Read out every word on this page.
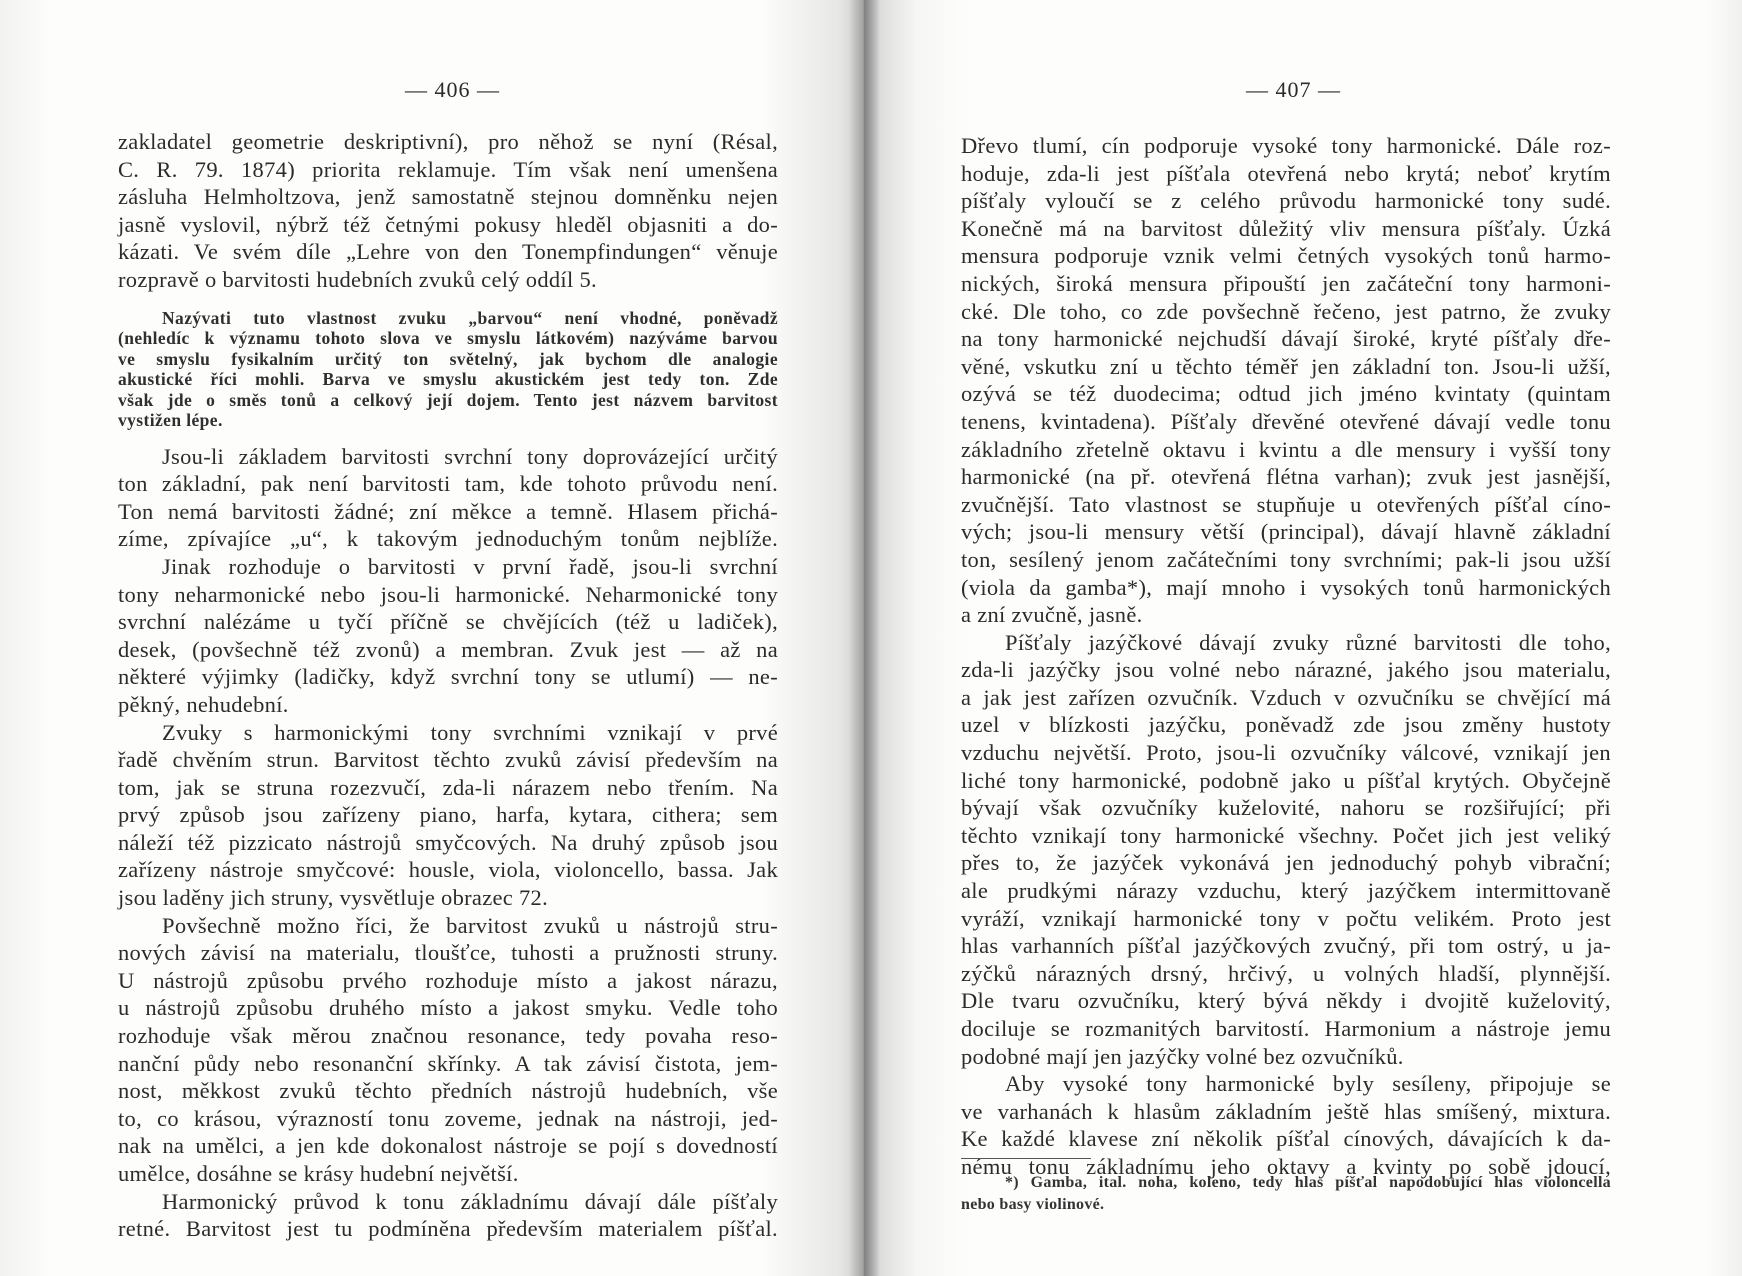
— 406 —
zakladatel geometrie deskriptivní), pro něhož se nyní (Résal,
C. R. 79. 1874) priorita reklamuje. Tím však není umenšena
zásluha Helmholtzova, jenž samostatně stejnou domněnku nejen
jasně vyslovil, nýbrž též četnými pokusy hleděl objasniti a do-
kázati. Ve svém díle „Lehre von den Tonempfindungen“ věnuje
rozpravě o barvitosti hudebních zvuků celý oddíl 5.
Nazývati tuto vlastnost zvuku „barvou“ není vhodné, poněvadž
(nehledíc k významu tohoto slova ve smyslu látkovém) nazýváme barvou
ve smyslu fysikalním určitý ton světelný, jak bychom dle analogie
akustické říci mohli. Barva ve smyslu akustickém jest tedy ton. Zde
však jde o směs tonů a celkový její dojem. Tento jest názvem barvitost
vystižen lépe.
Jsou-li základem barvitosti svrchní tony doprovázející určitý
ton základní, pak není barvitosti tam, kde tohoto průvodu není.
Ton nemá barvitosti žádné; zní měkce a temně. Hlasem přichá-
zíme, zpívajíce „u“, k takovým jednoduchým tonům nejblíže.
Jinak rozhoduje o barvitosti v první řadě, jsou-li svrchní
tony neharmonické nebo jsou-li harmonické. Neharmonické tony
svrchní nalézáme u tyčí příčně se chvějících (též u ladiček),
desek, (povšechně též zvonů) a membran. Zvuk jest — až na
některé výjimky (ladičky, když svrchní tony se utlumí) — ne-
pěkný, nehudební.
Zvuky s harmonickými tony svrchními vznikají v prvé
řadě chvěním strun. Barvitost těchto zvuků závisí především na
tom, jak se struna rozezvučí, zda-li nárazem nebo třením. Na
prvý způsob jsou zařízeny piano, harfa, kytara, cithera; sem
náleží též pizzicato nástrojů smyčcových. Na druhý způsob jsou
zařízeny nástroje smyčcové: housle, viola, violoncello, bassa. Jak
jsou laděny jich struny, vysvětluje obrazec 72.
Povšechně možno říci, že barvitost zvuků u nástrojů stru-
nových závisí na materialu, tloušťce, tuhosti a pružnosti struny.
U nástrojů způsobu prvého rozhoduje místo a jakost nárazu,
u nástrojů způsobu druhého místo a jakost smyku. Vedle toho
rozhoduje však měrou značnou resonance, tedy povaha reso-
nanční půdy nebo resonanční skřínky. A tak závisí čistota, jem-
nost, měkkost zvuků těchto předních nástrojů hudebních, vše
to, co krásou, výrazností tonu zoveme, jednak na nástroji, jed-
nak na umělci, a jen kde dokonalost nástroje se pojí s dovedností
umělce, dosáhne se krásy hudební největší.
Harmonický průvod k tonu základnímu dávají dále píšťaly
retné. Barvitost jest tu podmíněna především materialem píšťal.
— 407 —
Dřevo tlumí, cín podporuje vysoké tony harmonické. Dále roz-
hoduje, zda-li jest píšťala otevřená nebo krytá; neboť krytím
píšťaly vyloučí se z celého průvodu harmonické tony sudé.
Konečně má na barvitost důležitý vliv mensura píšťaly. Úzká
mensura podporuje vznik velmi četných vysokých tonů harmo-
nických, široká mensura připouští jen začáteční tony harmoni-
cké. Dle toho, co zde povšechně řečeno, jest patrno, že zvuky
na tony harmonické nejchudší dávají široké, kryté píšťaly dře-
věné, vskutku zní u těchto téměř jen základní ton. Jsou-li užší,
ozývá se též duodecima; odtud jich jméno kvintaty (quintam
tenens, kvintadena). Píšťaly dřevěné otevřené dávají vedle tonu
základního zřetelně oktavu i kvintu a dle mensury i vyšší tony
harmonické (na př. otevřená flétna varhan); zvuk jest jasnější,
zvučnější. Tato vlastnost se stupňuje u otevřených píšťal cíno-
vých; jsou-li mensury větší (principal), dávají hlavně základní
ton, sesílený jenom začátečními tony svrchními; pak-li jsou užší
(viola da gamba*), mají mnoho i vysokých tonů harmonických
a zní zvučně, jasně.
Píšťaly jazýčkové dávají zvuky různé barvitosti dle toho,
zda-li jazýčky jsou volné nebo nárazné, jakého jsou materialu,
a jak jest zařízen ozvučník. Vzduch v ozvučníku se chvějící má
uzel v blízkosti jazýčku, poněvadž zde jsou změny hustoty
vzduchu největší. Proto, jsou-li ozvučníky válcové, vznikají jen
liché tony harmonické, podobně jako u píšťal krytých. Obyčejně
bývají však ozvučníky kuželovité, nahoru se rozšiřující; při
těchto vznikají tony harmonické všechny. Počet jich jest veliký
přes to, že jazýček vykonává jen jednoduchý pohyb vibrační;
ale prudkými nárazy vzduchu, který jazýčkem intermittovaně
vyráží, vznikají harmonické tony v počtu velikém. Proto jest
hlas varhanních píšťal jazýčkových zvučný, při tom ostrý, u ja-
zýčků nárazných drsný, hrčivý, u volných hladší, plynnější.
Dle tvaru ozvučníku, který bývá někdy i dvojitě kuželovitý,
dociluje se rozmanitých barvitostí. Harmonium a nástroje jemu
podobné mají jen jazýčky volné bez ozvučníků.
Aby vysoké tony harmonické byly sesíleny, připojuje se
ve varhanách k hlasům základním ještě hlas smíšený, mixtura.
Ke každé klavese zní několik píšťal cínových, dávajících k da-
nému tonu základnímu jeho oktavy a kvinty po sobě jdoucí,
*) Gamba, ital. noha, koleno, tedy hlas píšťal napodobující hlas violoncella
nebo basy violinové.
